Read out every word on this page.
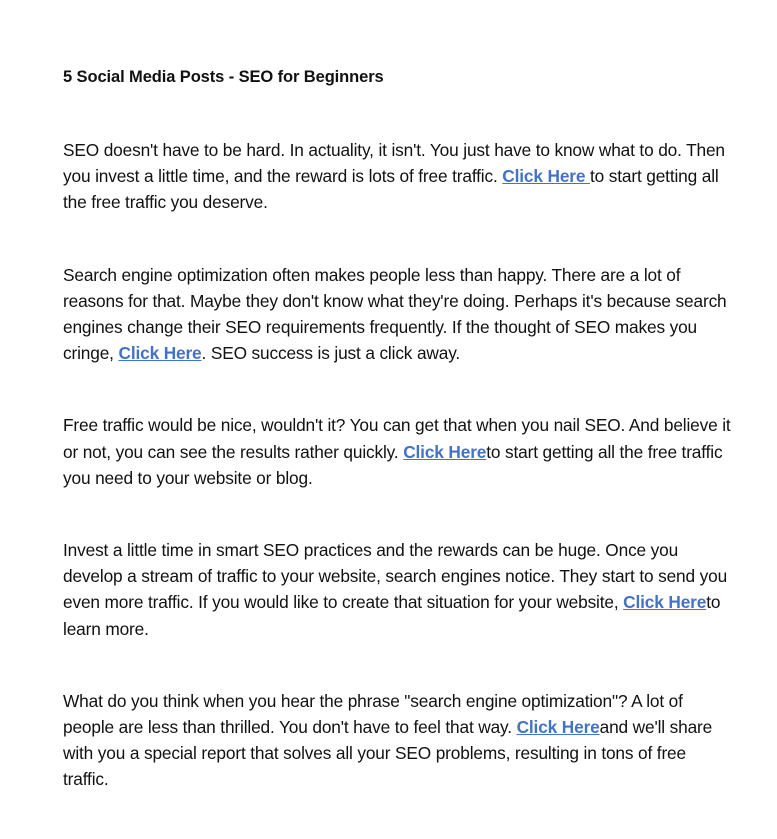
5 Social Media Posts - SEO for Beginners

SEO doesn't have to be hard. In actuality, it isn't. You just have to know what to do. Then you invest a little time, and the reward is lots of free traffic. Click Here to start getting all the free traffic you deserve.

Search engine optimization often makes people less than happy. There are a lot of reasons for that. Maybe they don't know what they're doing. Perhaps it's because search engines change their SEO requirements frequently. If the thought of SEO makes you cringe, Click Here. SEO success is just a click away.

Free traffic would be nice, wouldn't it? You can get that when you nail SEO. And believe it or not, you can see the results rather quickly. Click Hereto start getting all the free traffic you need to your website or blog.

Invest a little time in smart SEO practices and the rewards can be huge. Once you develop a stream of traffic to your website, search engines notice. They start to send you even more traffic. If you would like to create that situation for your website, Click Hereto learn more.

What do you think when you hear the phrase "search engine optimization"? A lot of people are less than thrilled. You don't have to feel that way. Click Hereand we'll share with you a special report that solves all your SEO problems, resulting in tons of free traffic.
